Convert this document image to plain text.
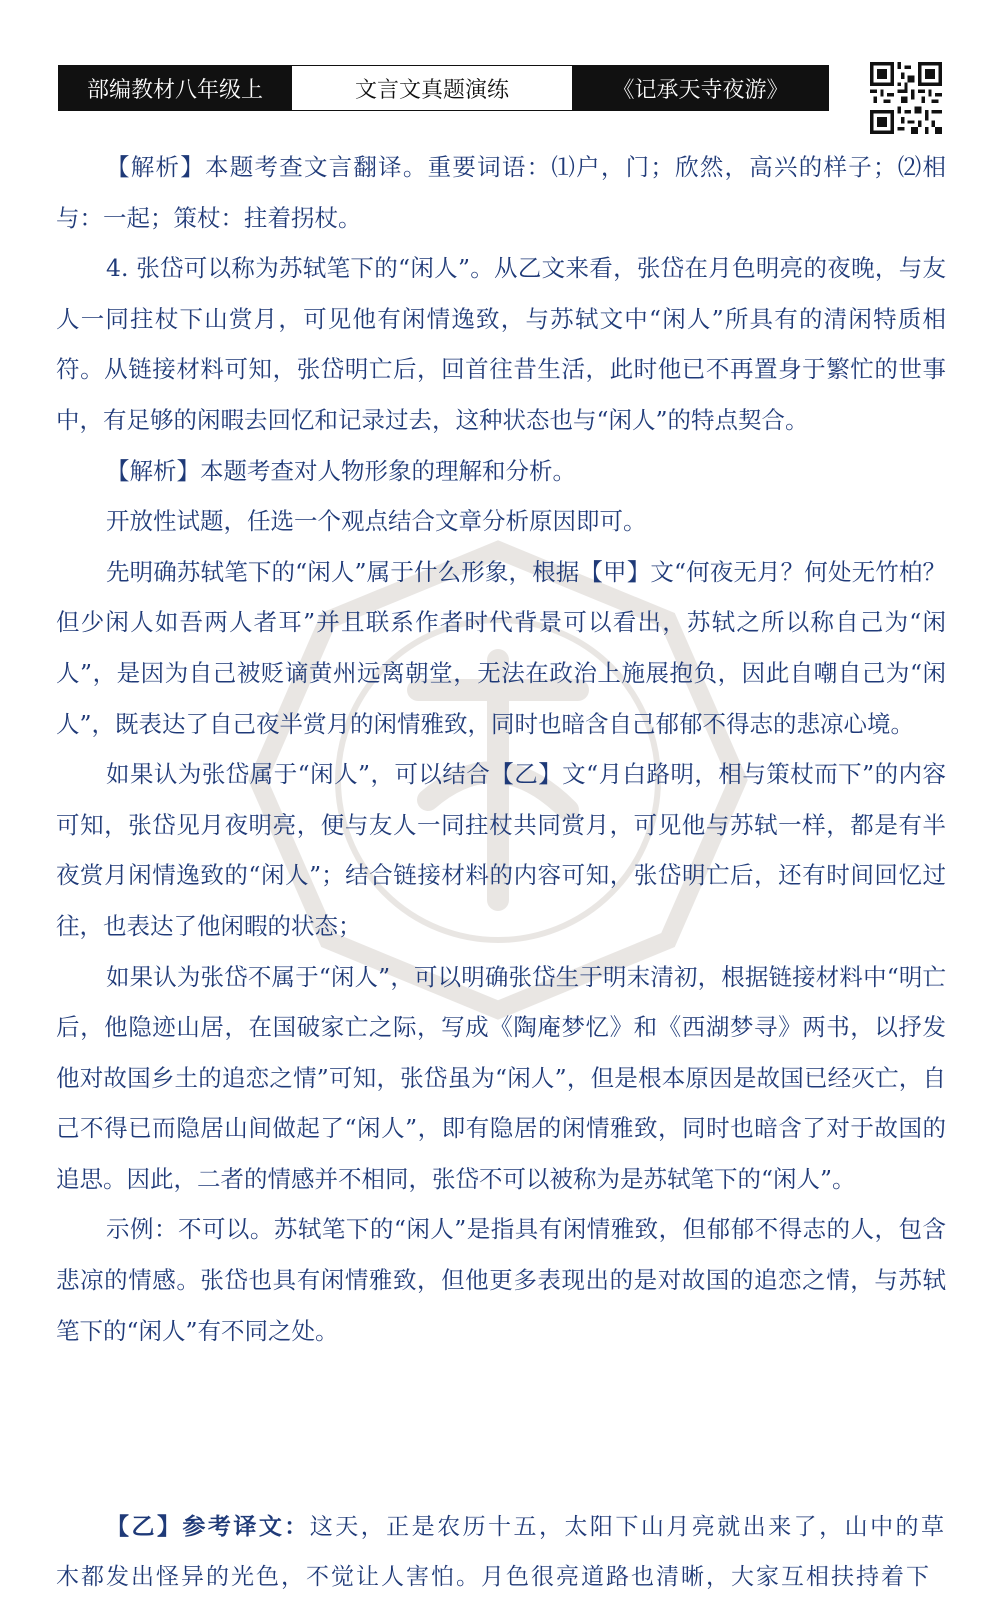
部编教材八年级上	文言文真题演练	《记承天寺夜游》

【解析】本题考查文言翻译。重要词语：⑴户，门；欣然，高兴的样子；⑵相与：一起；策杖：拄着拐杖。

4. 张岱可以称为苏轼笔下的“闲人”。从乙文来看，张岱在月色明亮的夜晚，与友人一同拄杖下山赏月，可见他有闲情逸致，与苏轼文中“闲人”所具有的清闲特质相符。从链接材料可知，张岱明亡后，回首往昔生活，此时他已不再置身于繁忙的世事中，有足够的闲暇去回忆和记录过去，这种状态也与“闲人”的特点契合。

【解析】本题考查对人物形象的理解和分析。

开放性试题，任选一个观点结合文章分析原因即可。

先明确苏轼笔下的“闲人”属于什么形象，根据【甲】文“何夜无月？何处无竹柏？但少闲人如吾两人者耳”并且联系作者时代背景可以看出，苏轼之所以称自己为“闲人”，是因为自己被贬谪黄州远离朝堂，无法在政治上施展抱负，因此自嘲自己为“闲人”，既表达了自己夜半赏月的闲情雅致，同时也暗含自己郁郁不得志的悲凉心境。

如果认为张岱属于“闲人”，可以结合【乙】文“月白路明，相与策杖而下”的内容可知，张岱见月夜明亮，便与友人一同拄杖共同赏月，可见他与苏轼一样，都是有半夜赏月闲情逸致的“闲人”；结合链接材料的内容可知，张岱明亡后，还有时间回忆过往，也表达了他闲暇的状态；

如果认为张岱不属于“闲人”，可以明确张岱生于明末清初，根据链接材料中“明亡后，他隐迹山居，在国破家亡之际，写成《陶庵梦忆》和《西湖梦寻》两书，以抒发他对故国乡土的追恋之情”可知，张岱虽为“闲人”，但是根本原因是故国已经灭亡，自己不得已而隐居山间做起了“闲人”，即有隐居的闲情雅致，同时也暗含了对于故国的追思。因此，二者的情感并不相同，张岱不可以被称为是苏轼笔下的“闲人”。

示例：不可以。苏轼笔下的“闲人”是指具有闲情雅致，但郁郁不得志的人，包含悲凉的情感。张岱也具有闲情雅致，但他更多表现出的是对故国的追恋之情，与苏轼笔下的“闲人”有不同之处。

【乙】参考译文：这天，正是农历十五，太阳下山月亮就出来了，山中的草木都发出怪异的光色，不觉让人害怕。月色很亮道路也清晰，大家互相扶持着下
